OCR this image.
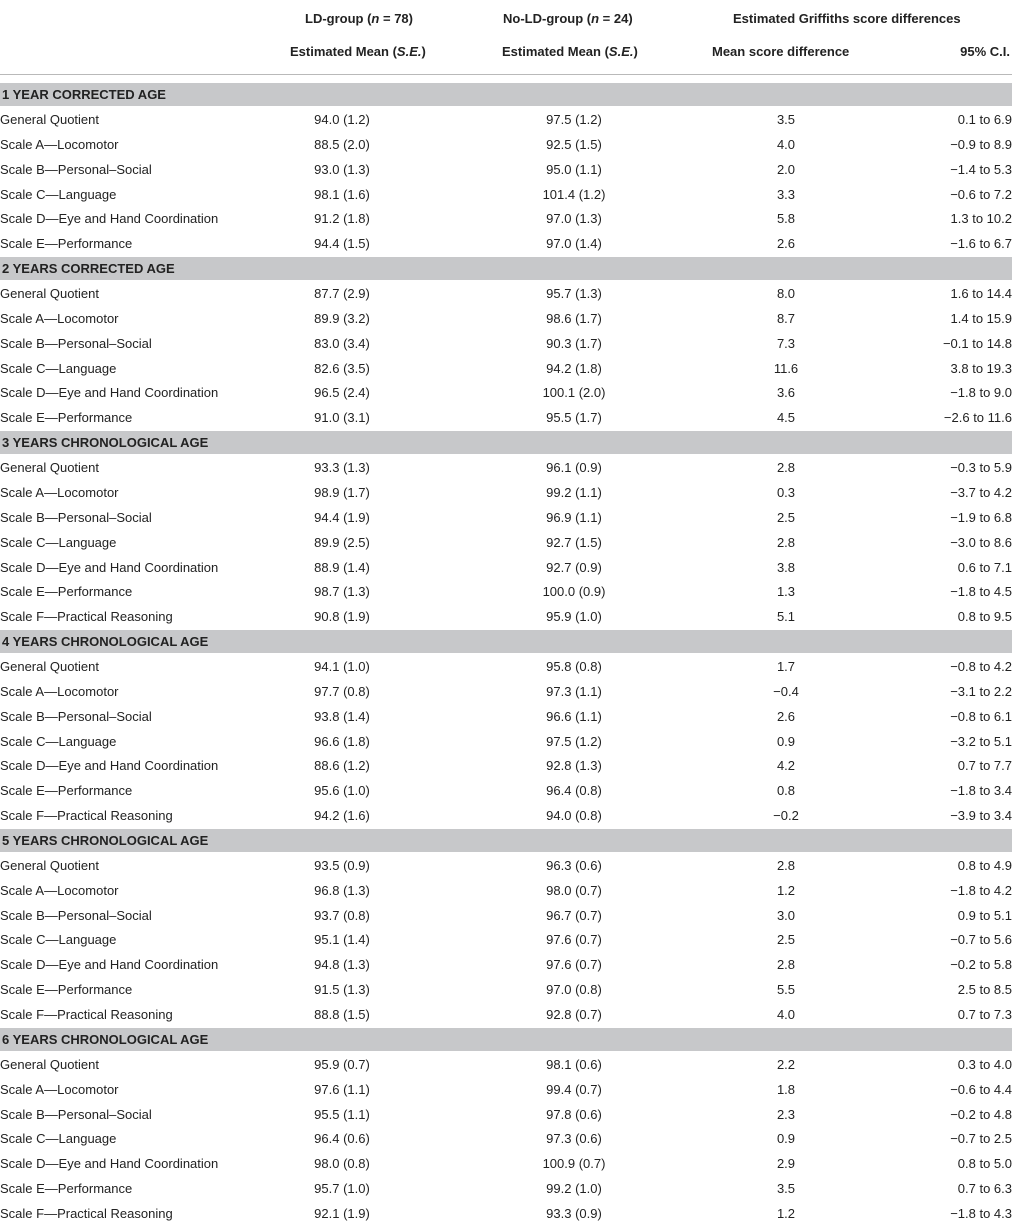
LD-group (n = 78)	No-LD-group (n = 24)	Estimated Griffiths score differences
Estimated Mean (S.E.)	Estimated Mean (S.E.)	Mean score difference	95% C.I.
1 YEAR CORRECTED AGE
General Quotient	94.0 (1.2)	97.5 (1.2)	3.5	0.1 to 6.9
Scale A—Locomotor	88.5 (2.0)	92.5 (1.5)	4.0	−0.9 to 8.9
Scale B—Personal–Social	93.0 (1.3)	95.0 (1.1)	2.0	−1.4 to 5.3
Scale C—Language	98.1 (1.6)	101.4 (1.2)	3.3	−0.6 to 7.2
Scale D—Eye and Hand Coordination	91.2 (1.8)	97.0 (1.3)	5.8	1.3 to 10.2
Scale E—Performance	94.4 (1.5)	97.0 (1.4)	2.6	−1.6 to 6.7
2 YEARS CORRECTED AGE
General Quotient	87.7 (2.9)	95.7 (1.3)	8.0	1.6 to 14.4
Scale A—Locomotor	89.9 (3.2)	98.6 (1.7)	8.7	1.4 to 15.9
Scale B—Personal–Social	83.0 (3.4)	90.3 (1.7)	7.3	−0.1 to 14.8
Scale C—Language	82.6 (3.5)	94.2 (1.8)	11.6	3.8 to 19.3
Scale D—Eye and Hand Coordination	96.5 (2.4)	100.1 (2.0)	3.6	−1.8 to 9.0
Scale E—Performance	91.0 (3.1)	95.5 (1.7)	4.5	−2.6 to 11.6
3 YEARS CHRONOLOGICAL AGE
General Quotient	93.3 (1.3)	96.1 (0.9)	2.8	−0.3 to 5.9
Scale A—Locomotor	98.9 (1.7)	99.2 (1.1)	0.3	−3.7 to 4.2
Scale B—Personal–Social	94.4 (1.9)	96.9 (1.1)	2.5	−1.9 to 6.8
Scale C—Language	89.9 (2.5)	92.7 (1.5)	2.8	−3.0 to 8.6
Scale D—Eye and Hand Coordination	88.9 (1.4)	92.7 (0.9)	3.8	0.6 to 7.1
Scale E—Performance	98.7 (1.3)	100.0 (0.9)	1.3	−1.8 to 4.5
Scale F—Practical Reasoning	90.8 (1.9)	95.9 (1.0)	5.1	0.8 to 9.5
4 YEARS CHRONOLOGICAL AGE
General Quotient	94.1 (1.0)	95.8 (0.8)	1.7	−0.8 to 4.2
Scale A—Locomotor	97.7 (0.8)	97.3 (1.1)	−0.4	−3.1 to 2.2
Scale B—Personal–Social	93.8 (1.4)	96.6 (1.1)	2.6	−0.8 to 6.1
Scale C—Language	96.6 (1.8)	97.5 (1.2)	0.9	−3.2 to 5.1
Scale D—Eye and Hand Coordination	88.6 (1.2)	92.8 (1.3)	4.2	0.7 to 7.7
Scale E—Performance	95.6 (1.0)	96.4 (0.8)	0.8	−1.8 to 3.4
Scale F—Practical Reasoning	94.2 (1.6)	94.0 (0.8)	−0.2	−3.9 to 3.4
5 YEARS CHRONOLOGICAL AGE
General Quotient	93.5 (0.9)	96.3 (0.6)	2.8	0.8 to 4.9
Scale A—Locomotor	96.8 (1.3)	98.0 (0.7)	1.2	−1.8 to 4.2
Scale B—Personal–Social	93.7 (0.8)	96.7 (0.7)	3.0	0.9 to 5.1
Scale C—Language	95.1 (1.4)	97.6 (0.7)	2.5	−0.7 to 5.6
Scale D—Eye and Hand Coordination	94.8 (1.3)	97.6 (0.7)	2.8	−0.2 to 5.8
Scale E—Performance	91.5 (1.3)	97.0 (0.8)	5.5	2.5 to 8.5
Scale F—Practical Reasoning	88.8 (1.5)	92.8 (0.7)	4.0	0.7 to 7.3
6 YEARS CHRONOLOGICAL AGE
General Quotient	95.9 (0.7)	98.1 (0.6)	2.2	0.3 to 4.0
Scale A—Locomotor	97.6 (1.1)	99.4 (0.7)	1.8	−0.6 to 4.4
Scale B—Personal–Social	95.5 (1.1)	97.8 (0.6)	2.3	−0.2 to 4.8
Scale C—Language	96.4 (0.6)	97.3 (0.6)	0.9	−0.7 to 2.5
Scale D—Eye and Hand Coordination	98.0 (0.8)	100.9 (0.7)	2.9	0.8 to 5.0
Scale E—Performance	95.7 (1.0)	99.2 (1.0)	3.5	0.7 to 6.3
Scale F—Practical Reasoning	92.1 (1.9)	93.3 (0.9)	1.2	−1.8 to 4.3
